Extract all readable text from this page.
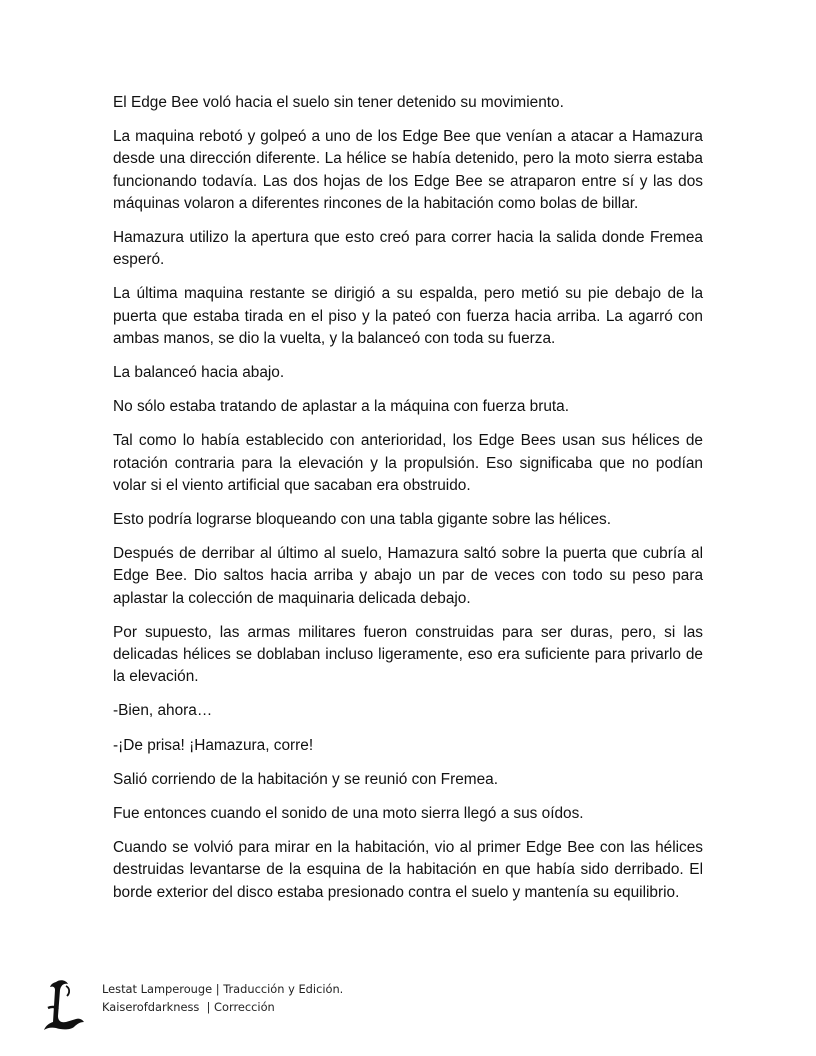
El Edge Bee voló hacia el suelo sin tener detenido su movimiento.

La maquina rebotó y golpeó a uno de los Edge Bee que venían a atacar a Hamazura desde una dirección diferente. La hélice se había detenido, pero la moto sierra estaba funcionando todavía. Las dos hojas de los Edge Bee se atraparon entre sí y las dos máquinas volaron a diferentes rincones de la habitación como bolas de billar.

Hamazura utilizo la apertura que esto creó para correr hacia la salida donde Fremea esperó.

La última maquina restante se dirigió a su espalda, pero metió su pie debajo de la puerta que estaba tirada en el piso y la pateó con fuerza hacia arriba. La agarró con ambas manos, se dio la vuelta, y la balanceó con toda su fuerza.

La balanceó hacia abajo.

No sólo estaba tratando de aplastar a la máquina con fuerza bruta.

Tal como lo había establecido con anterioridad, los Edge Bees usan sus hélices de rotación contraria para la elevación y la propulsión. Eso significaba que no podían volar si el viento artificial que sacaban era obstruido.

Esto podría lograrse bloqueando con una tabla gigante sobre las hélices.

Después de derribar al último al suelo, Hamazura saltó sobre la puerta que cubría al Edge Bee. Dio saltos hacia arriba y abajo un par de veces con todo su peso para aplastar la colección de maquinaria delicada debajo.

Por supuesto, las armas militares fueron construidas para ser duras, pero, si las delicadas hélices se doblaban incluso ligeramente, eso era suficiente para privarlo de la elevación.

-Bien, ahora…

-¡De prisa! ¡Hamazura, corre!

Salió corriendo de la habitación y se reunió con Fremea.

Fue entonces cuando el sonido de una moto sierra llegó a sus oídos.

Cuando se volvió para mirar en la habitación, vio al primer Edge Bee con las hélices destruidas levantarse de la esquina de la habitación en que había sido derribado. El borde exterior del disco estaba presionado contra el suelo y mantenía su equilibrio.

Lestat Lamperouge | Traducción y Edición.
Kaiserofdarkness  | Corrección
